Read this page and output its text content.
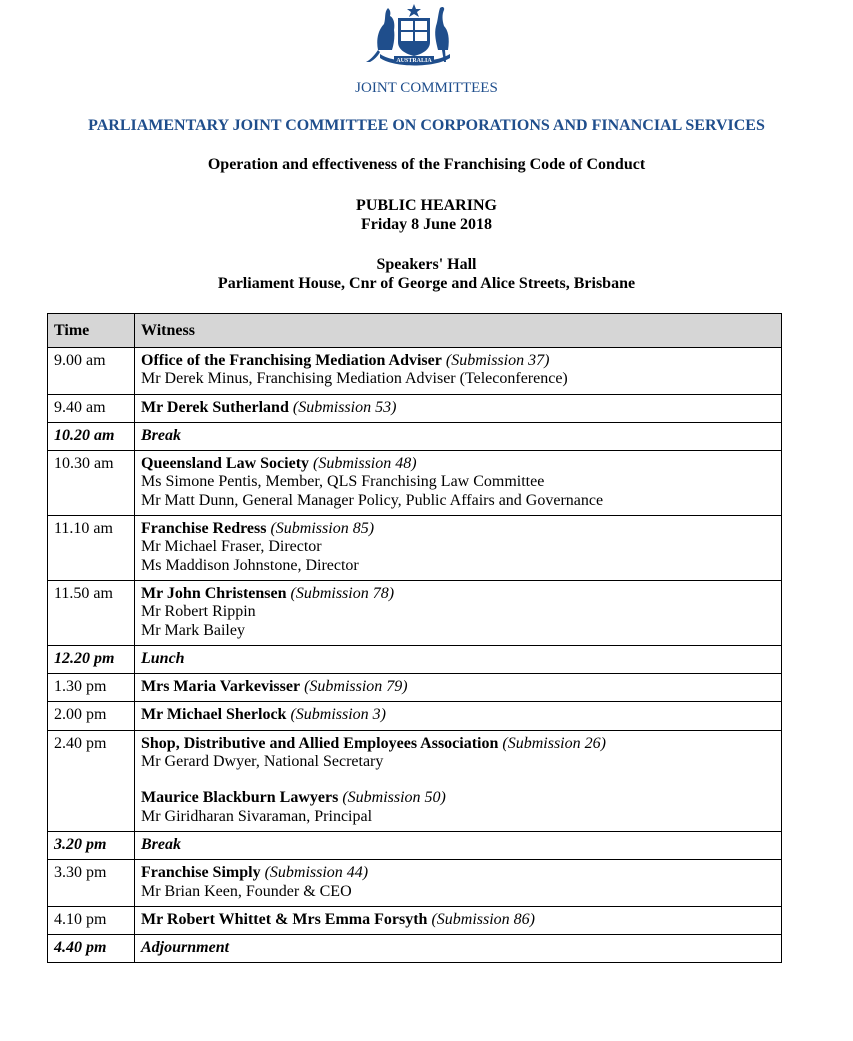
AUSTRALIA
JOINT COMMITTEES
PARLIAMENTARY JOINT COMMITTEE ON CORPORATIONS AND FINANCIAL SERVICES
Operation and effectiveness of the Franchising Code of Conduct
PUBLIC HEARING
Friday 8 June 2018
Speakers' Hall
Parliament House, Cnr of George and Alice Streets, Brisbane
Time	Witness

9.00 am	Office of the Franchising Mediation Adviser (Submission 37)
Mr Derek Minus, Franchising Mediation Adviser (Teleconference)

9.40 am	Mr Derek Sutherland (Submission 53)

10.20 am	Break

10.30 am	Queensland Law Society (Submission 48)
Ms Simone Pentis, Member, QLS Franchising Law Committee
Mr Matt Dunn, General Manager Policy, Public Affairs and Governance

11.10 am	Franchise Redress (Submission 85)
Mr Michael Fraser, Director
Ms Maddison Johnstone, Director

11.50 am	Mr John Christensen (Submission 78)
Mr Robert Rippin
Mr Mark Bailey

12.20 pm	Lunch

1.30 pm	Mrs Maria Varkevisser (Submission 79)

2.00 pm	Mr Michael Sherlock (Submission 3)

2.40 pm	Shop, Distributive and Allied Employees Association (Submission 26)
Mr Gerard Dwyer, National Secretary
Maurice Blackburn Lawyers (Submission 50)
Mr Giridharan Sivaraman, Principal

3.20 pm	Break

3.30 pm	Franchise Simply (Submission 44)
Mr Brian Keen, Founder & CEO

4.10 pm	Mr Robert Whittet & Mrs Emma Forsyth (Submission 86)

4.40 pm	Adjournment
